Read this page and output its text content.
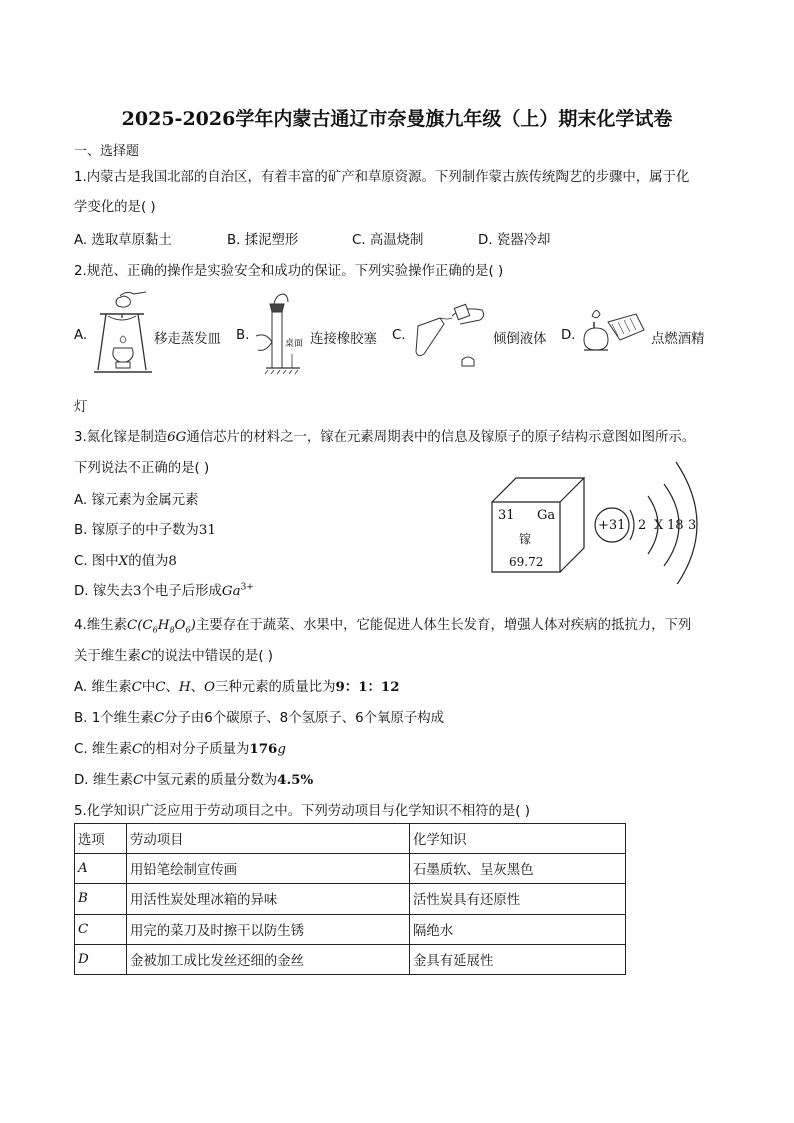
2025-2026学年内蒙古通辽市奈曼旗九年级（上）期末化学试卷
一、选择题
1.内蒙古是我国北部的自治区，有着丰富的矿产和草原资源。下列制作蒙古族传统陶艺的步骤中，属于化
学变化的是( )
A. 选取草原黏土	B. 揉泥塑形	C. 高温烧制	D. 瓷器冷却
2.规范、正确的操作是实验安全和成功的保证。下列实验操作正确的是( )
A.	移走蒸发皿 B.
桌面 连接橡胶塞 C.	倾倒液体 D.	点燃酒精
灯
3.氮化镓是制造6G通信芯片的材料之一，镓在元素周期表中的信息及镓原子的原子结构示意图如图所示。
下列说法不正确的是( )
A. 镓元素为金属元素
B. 镓原子的中子数为31
C. 图中X的值为8
D. 镓失去3个电子后形成$Ga^{3+}$
31 Ga
镓
69.72
+31 2 X 18 3
4.维生素$C(C_6H_8O_6)$主要存在于蔬菜、水果中，它能促进人体生长发育，增强人体对疾病的抵抗力，下列
关于维生素C的说法中错误的是( )
A. 维生素C中C、H、O三种元素的质量比为9：1：12
B. 1个维生素C分子由6个碳原子、8个氢原子、6个氧原子构成
C. 维生素C的相对分子质量为176g
D. 维生素C中氢元素的质量分数为4.5%
5.化学知识广泛应用于劳动项目之中。下列劳动项目与化学知识不相符的是( )
选项	劳动项目	化学知识
A	用铅笔绘制宣传画	石墨质软、呈灰黑色
B	用活性炭处理冰箱的异味	活性炭具有还原性
C	用完的菜刀及时擦干以防生锈	隔绝水
D	金被加工成比发丝还细的金丝	金具有延展性
